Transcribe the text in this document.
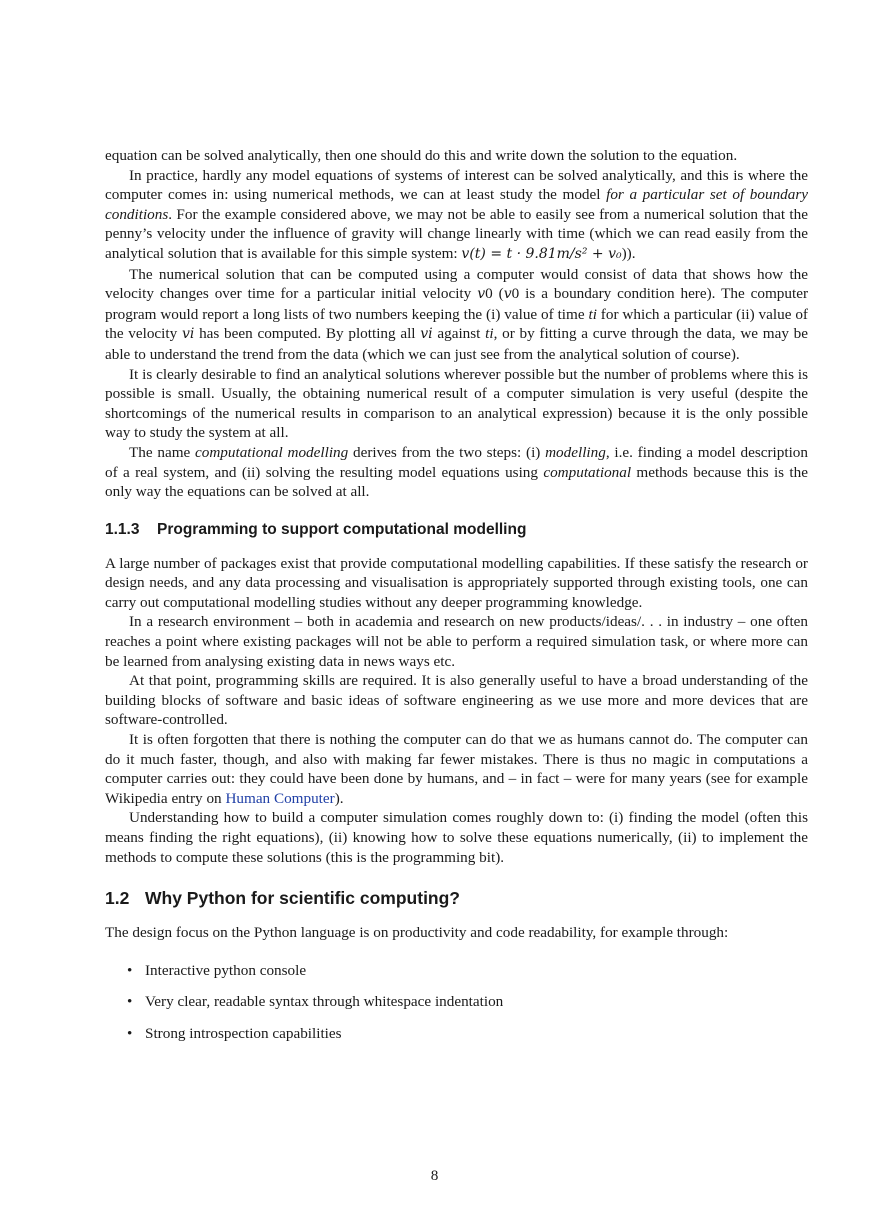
equation can be solved analytically, then one should do this and write down the solution to the equation.

In practice, hardly any model equations of systems of interest can be solved analytically, and this is where the computer comes in: using numerical methods, we can at least study the model for a particular set of boundary conditions. For the example considered above, we may not be able to easily see from a numerical solution that the penny’s velocity under the influence of gravity will change linearly with time (which we can read easily from the analytical solution that is available for this simple system: v(t) = t · 9.81m/s² + v₀)).

The numerical solution that can be computed using a computer would consist of data that shows how the velocity changes over time for a particular initial velocity v0 (v0 is a boundary condition here). The computer program would report a long lists of two numbers keeping the (i) value of time ti for which a particular (ii) value of the velocity vi has been computed. By plotting all vi against ti, or by fitting a curve through the data, we may be able to understand the trend from the data (which we can just see from the analytical solution of course).

It is clearly desirable to find an analytical solutions wherever possible but the number of problems where this is possible is small. Usually, the obtaining numerical result of a computer simulation is very useful (despite the shortcomings of the numerical results in comparison to an analytical expression) because it is the only possible way to study the system at all.

The name computational modelling derives from the two steps: (i) modelling, i.e. finding a model description of a real system, and (ii) solving the resulting model equations using computational methods because this is the only way the equations can be solved at all.

1.1.3 Programming to support computational modelling

A large number of packages exist that provide computational modelling capabilities. If these satisfy the research or design needs, and any data processing and visualisation is appropriately supported through existing tools, one can carry out computational modelling studies without any deeper programming knowledge.

In a research environment – both in academia and research on new products/ideas/. . . in industry – one often reaches a point where existing packages will not be able to perform a required simulation task, or where more can be learned from analysing existing data in news ways etc.

At that point, programming skills are required. It is also generally useful to have a broad understanding of the building blocks of software and basic ideas of software engineering as we use more and more devices that are software-controlled.

It is often forgotten that there is nothing the computer can do that we as humans cannot do. The computer can do it much faster, though, and also with making far fewer mistakes. There is thus no magic in computations a computer carries out: they could have been done by humans, and – in fact – were for many years (see for example Wikipedia entry on Human Computer).

Understanding how to build a computer simulation comes roughly down to: (i) finding the model (often this means finding the right equations), (ii) knowing how to solve these equations numerically, (ii) to implement the methods to compute these solutions (this is the programming bit).

1.2 Why Python for scientific computing?

The design focus on the Python language is on productivity and code readability, for example through:

• Interactive python console
• Very clear, readable syntax through whitespace indentation
• Strong introspection capabilities
8
